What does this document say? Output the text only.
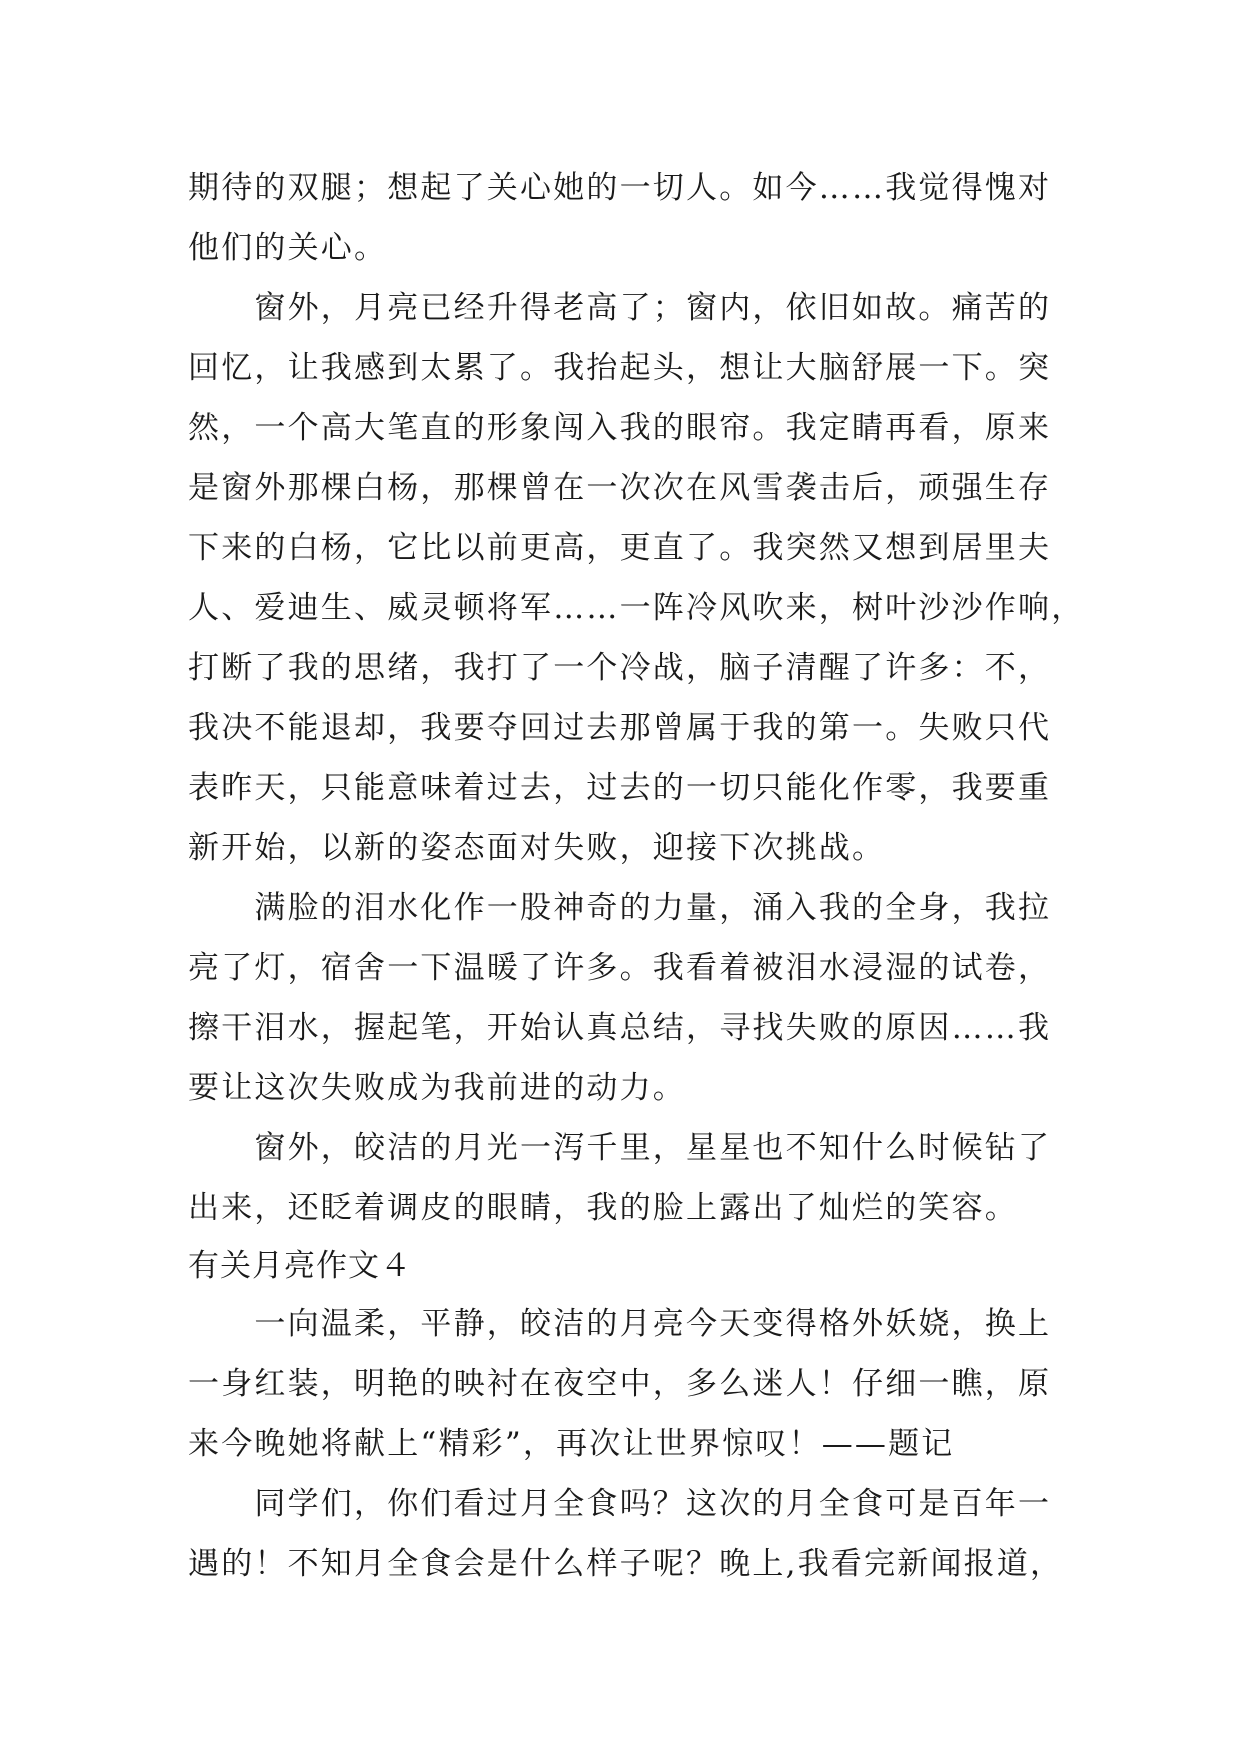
期待的双腿；想起了关心她的一切人。如今……我觉得愧对
他们的关心。
　　窗外，月亮已经升得老高了；窗内，依旧如故。痛苦的
回忆，让我感到太累了。我抬起头，想让大脑舒展一下。突
然，一个高大笔直的形象闯入我的眼帘。我定睛再看，原来
是窗外那棵白杨，那棵曾在一次次在风雪袭击后，顽强生存
下来的白杨，它比以前更高，更直了。我突然又想到居里夫
人、爱迪生、威灵顿将军……一阵冷风吹来，树叶沙沙作响，
打断了我的思绪，我打了一个冷战，脑子清醒了许多：不，
我决不能退却，我要夺回过去那曾属于我的第一。失败只代
表昨天，只能意味着过去，过去的一切只能化作零，我要重
新开始，以新的姿态面对失败，迎接下次挑战。
　　满脸的泪水化作一股神奇的力量，涌入我的全身，我拉
亮了灯，宿舍一下温暖了许多。我看着被泪水浸湿的试卷，
擦干泪水，握起笔，开始认真总结，寻找失败的原因……我
要让这次失败成为我前进的动力。
　　窗外，皎洁的月光一泻千里，星星也不知什么时候钻了
出来，还眨着调皮的眼睛，我的脸上露出了灿烂的笑容。
有关月亮作文４
　　一向温柔，平静，皎洁的月亮今天变得格外妖娆，换上
一身红装，明艳的映衬在夜空中，多么迷人！仔细一瞧，原
来今晚她将献上“精彩”，再次让世界惊叹！——题记
　　同学们，你们看过月全食吗？这次的月全食可是百年一
遇的！不知月全食会是什么样子呢？晚上,我看完新闻报道，
